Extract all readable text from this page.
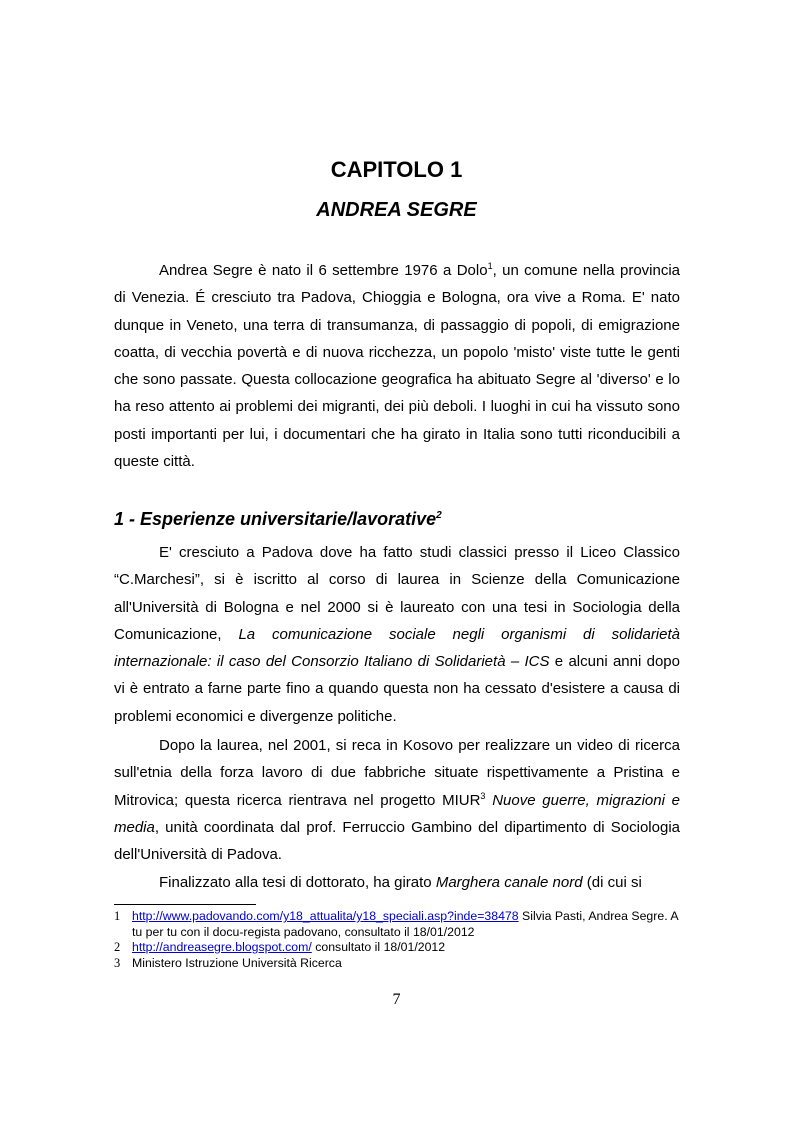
CAPITOLO 1
ANDREA SEGRE

Andrea Segre è nato il 6 settembre 1976 a Dolo$^1$, un comune nella provincia di Venezia. É cresciuto tra Padova, Chioggia e Bologna, ora vive a Roma. E' nato dunque in Veneto, una terra di transumanza, di passaggio di popoli, di emigrazione coatta, di vecchia povertà e di nuova ricchezza, un popolo 'misto' viste tutte le genti che sono passate. Questa collocazione geografica ha abituato Segre al 'diverso' e lo ha reso attento ai problemi dei migranti, dei più deboli. I luoghi in cui ha vissuto sono posti importanti per lui, i documentari che ha girato in Italia sono tutti riconducibili a queste città.

1 - Esperienze universitarie/lavorative$^2$

E' cresciuto a Padova dove ha fatto studi classici presso il Liceo Classico “C.Marchesi”, si è iscritto al corso di laurea in Scienze della Comunicazione all'Università di Bologna e nel 2000 si è laureato con una tesi in Sociologia della Comunicazione, La comunicazione sociale negli organismi di solidarietà internazionale: il caso del Consorzio Italiano di Solidarietà – ICS e alcuni anni dopo vi è entrato a farne parte fino a quando questa non ha cessato d'esistere a causa di problemi economici e divergenze politiche.

Dopo la laurea, nel 2001, si reca in Kosovo per realizzare un video di ricerca sull'etnia della forza lavoro di due fabbriche situate rispettivamente a Pristina e Mitrovica; questa ricerca rientrava nel progetto MIUR$^3$ Nuove guerre, migrazioni e media, unità coordinata dal prof. Ferruccio Gambino del dipartimento di Sociologia dell'Università di Padova.

Finalizzato alla tesi di dottorato, ha girato Marghera canale nord (di cui si

1 http://www.padovando.com/y18_attualita/y18_speciali.asp?inde=38478 Silvia Pasti, Andrea Segre. A tu per tu con il docu-regista padovano, consultato il 18/01/2012
2 http://andreasegre.blogspot.com/ consultato il 18/01/2012
3 Ministero Istruzione Università Ricerca
7
